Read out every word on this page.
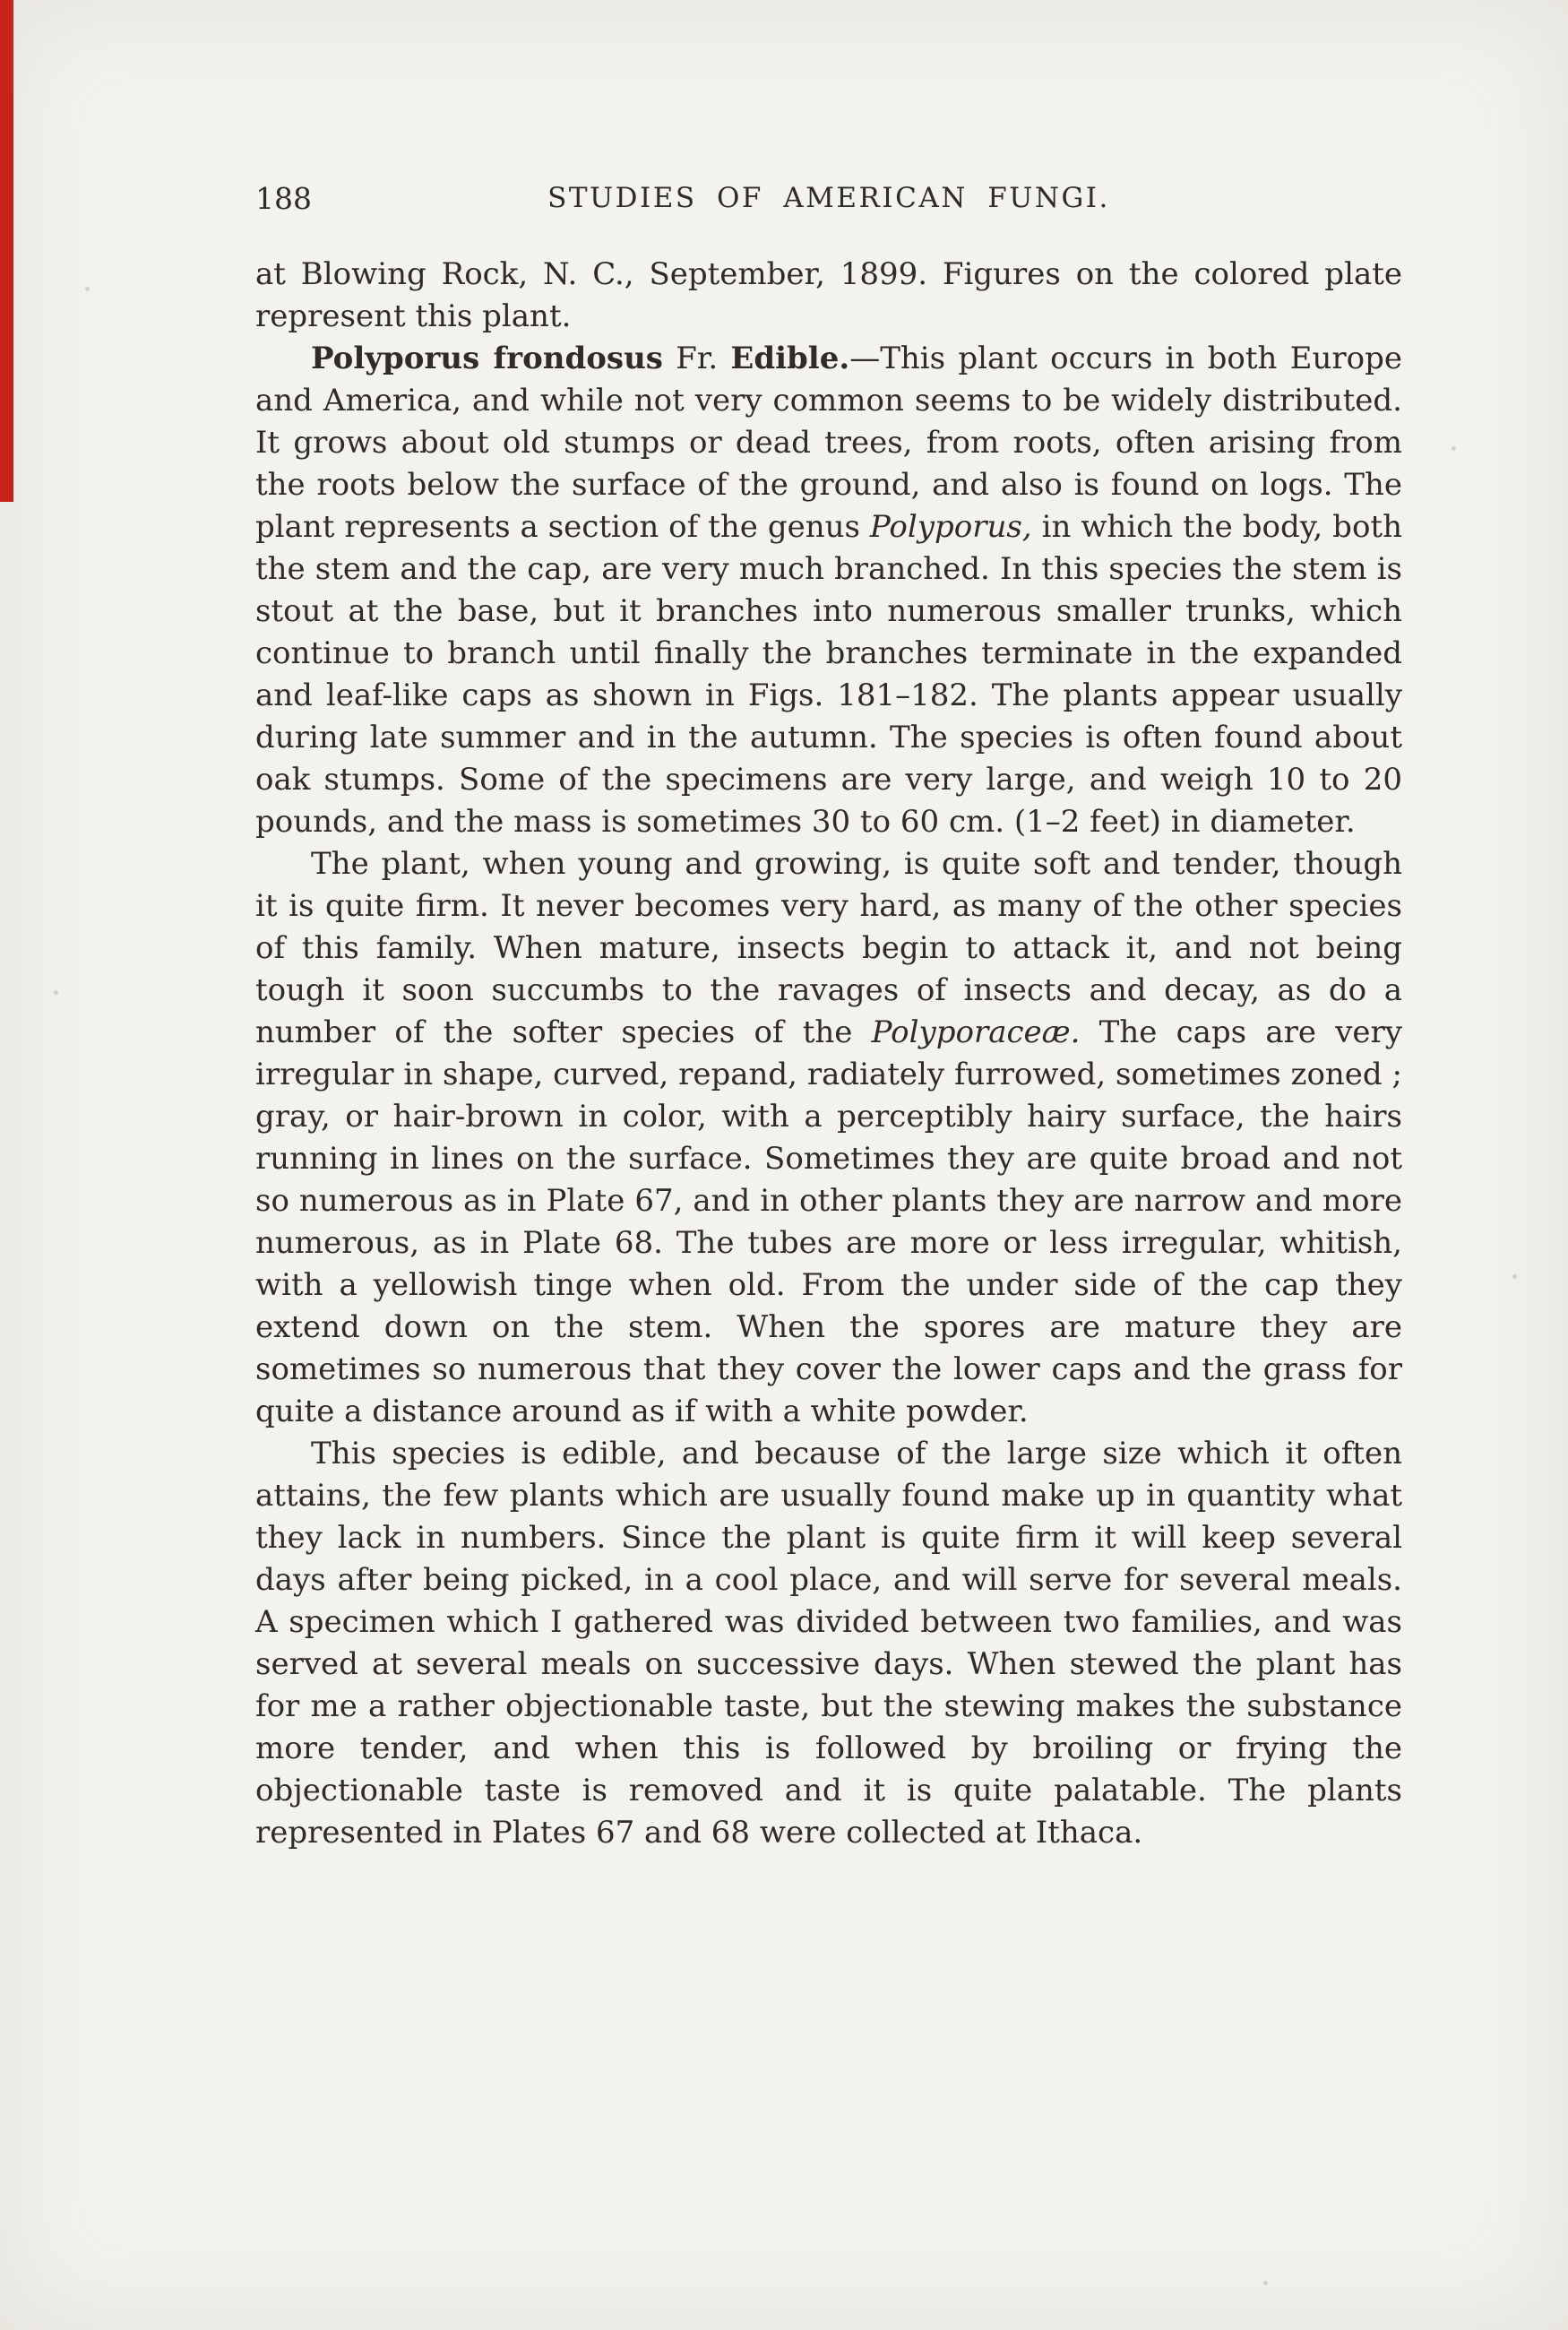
188	STUDIES OF AMERICAN FUNGI.

at Blowing Rock, N. C., September, 1899. Figures on the colored plate represent this plant.

Polyporus frondosus Fr. Edible.—This plant occurs in both Europe and America, and while not very common seems to be widely distributed. It grows about old stumps or dead trees, from roots, often arising from the roots below the surface of the ground, and also is found on logs. The plant represents a section of the genus Polyporus, in which the body, both the stem and the cap, are very much branched. In this species the stem is stout at the base, but it branches into numerous smaller trunks, which continue to branch until finally the branches terminate in the expanded and leaf-like caps as shown in Figs. 181–182. The plants appear usually during late summer and in the autumn. The species is often found about oak stumps. Some of the specimens are very large, and weigh 10 to 20 pounds, and the mass is sometimes 30 to 60 cm. (1–2 feet) in diameter.

The plant, when young and growing, is quite soft and tender, though it is quite firm. It never becomes very hard, as many of the other species of this family. When mature, insects begin to attack it, and not being tough it soon succumbs to the ravages of insects and decay, as do a number of the softer species of the Polyporaceæ. The caps are very irregular in shape, curved, repand, radiately furrowed, sometimes zoned ; gray, or hair-brown in color, with a perceptibly hairy surface, the hairs running in lines on the surface. Sometimes they are quite broad and not so numerous as in Plate 67, and in other plants they are narrow and more numerous, as in Plate 68. The tubes are more or less irregular, whitish, with a yellowish tinge when old. From the under side of the cap they extend down on the stem. When the spores are mature they are sometimes so numerous that they cover the lower caps and the grass for quite a distance around as if with a white powder.

This species is edible, and because of the large size which it often attains, the few plants which are usually found make up in quantity what they lack in numbers. Since the plant is quite firm it will keep several days after being picked, in a cool place, and will serve for several meals. A specimen which I gathered was divided between two families, and was served at several meals on successive days. When stewed the plant has for me a rather objectionable taste, but the stewing makes the substance more tender, and when this is followed by broiling or frying the objectionable taste is removed and it is quite palatable. The plants represented in Plates 67 and 68 were collected at Ithaca.
